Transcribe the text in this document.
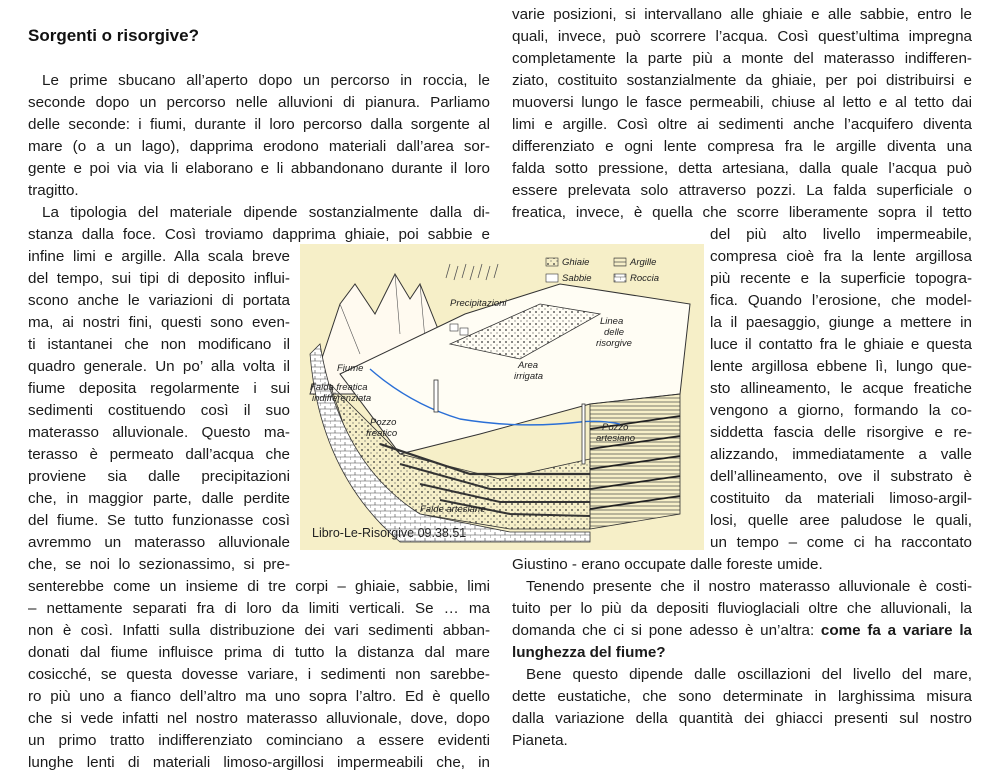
Sorgenti o risorgive?
Le prime sbucano all’aperto dopo un percorso in roccia, le
seconde dopo un percorso nelle alluvioni di pianura. Parliamo
delle seconde: i fiumi, durante il loro percorso dalla sorgente al
mare (o a un lago), dapprima erodono materiali dall’area sor-
gente e poi via via li elaborano e li abbandonano durante il loro
tragitto.
La tipologia del materiale dipende sostanzialmente dalla di-
stanza dalla foce. Così troviamo dapprima ghiaie, poi sabbie e
infine limi e argille. Alla scala breve
del tempo, sui tipi di deposito influi-
scono anche le variazioni di portata
ma, ai nostri fini, questi sono even-
ti istantanei che non modificano il
quadro generale. Un po’ alla volta il
fiume deposita regolarmente i sui
sedimenti costituendo così il suo
materasso alluvionale. Questo ma-
terasso è permeato dall’acqua che
proviene sia dalle precipitazioni
che, in maggior parte, dalle perdite
del fiume. Se tutto funzionasse così
avremmo un materasso alluvionale
che, se noi lo sezionassimo, si pre-
senterebbe come un insieme di tre corpi – ghiaie, sabbie, limi
– nettamente separati fra di loro da limiti verticali. Se … ma
non è così. Infatti sulla distribuzione dei vari sedimenti abban-
donati dal fiume influisce prima di tutto la distanza dal mare
cosicché, se questa dovesse variare, i sedimenti non sarebbe-
ro più uno a fianco dell’altro ma uno sopra l’altro. Ed è quello
che si vede infatti nel nostro materasso alluvionale, dove, dopo
un primo tratto indifferenziato cominciano a essere evidenti
lunghe lenti di materiali limoso-argillosi impermeabili che, in
varie posizioni, si intervallano alle ghiaie e alle sabbie, entro le
quali, invece, può scorrere l’acqua. Così quest’ultima impregna
completamente la parte più a monte del materasso indifferen-
ziato, costituito sostanzialmente da ghiaie, per poi distribuirsi e
muoversi lungo le fasce permeabili, chiuse al letto e al tetto dai
limi e argille. Così oltre ai sedimenti anche l’acquifero diventa
differenziato e ogni lente compresa fra le argille diventa una
falda sotto pressione, detta artesiana, dalla quale l’acqua può
essere prelevata solo attraverso pozzi. La falda superficiale o
freatica, invece, è quella che scorre liberamente sopra il tetto
del più alto livello impermeabile,
compresa cioè fra la lente argillosa
più recente e la superficie topogra-
fica. Quando l’erosione, che model-
la il paesaggio, giunge a mettere in
luce il contatto fra le ghiaie e questa
lente argillosa ebbene lì, lungo que-
sto allineamento, le acque freatiche
vengono a giorno, formando la co-
siddetta fascia delle risorgive e re-
alizzando, immediatamente a valle
dell’allineamento, ove il substrato è
costituito da materiali limoso-argil-
losi, quelle aree paludose le quali,
un tempo – come ci ha raccontato
Giustino - erano occupate dalle foreste umide.
Tenendo presente che il nostro materasso alluvionale è costi-
tuito per lo più da depositi fluvioglaciali oltre che alluvionali, la
domanda che ci si pone adesso è un’altra: come fa a variare la
lunghezza del fiume?
Bene questo dipende dalle oscillazioni del livello del mare,
dette eustatiche, che sono determinate in larghissima misura
dalla variazione della quantità dei ghiacci presenti sul nostro
Pianeta.
Ghiaie	Argille
Sabbie	Roccia
Precipitazioni
Linea
delle
risorgive
Area
irrigata
Fiume
Falda freatica
indifferenziata
Pozzo
freatico
Pozzo
artesiano
Falde artesiane
Libro-Le-Risorgive 09.38.51
